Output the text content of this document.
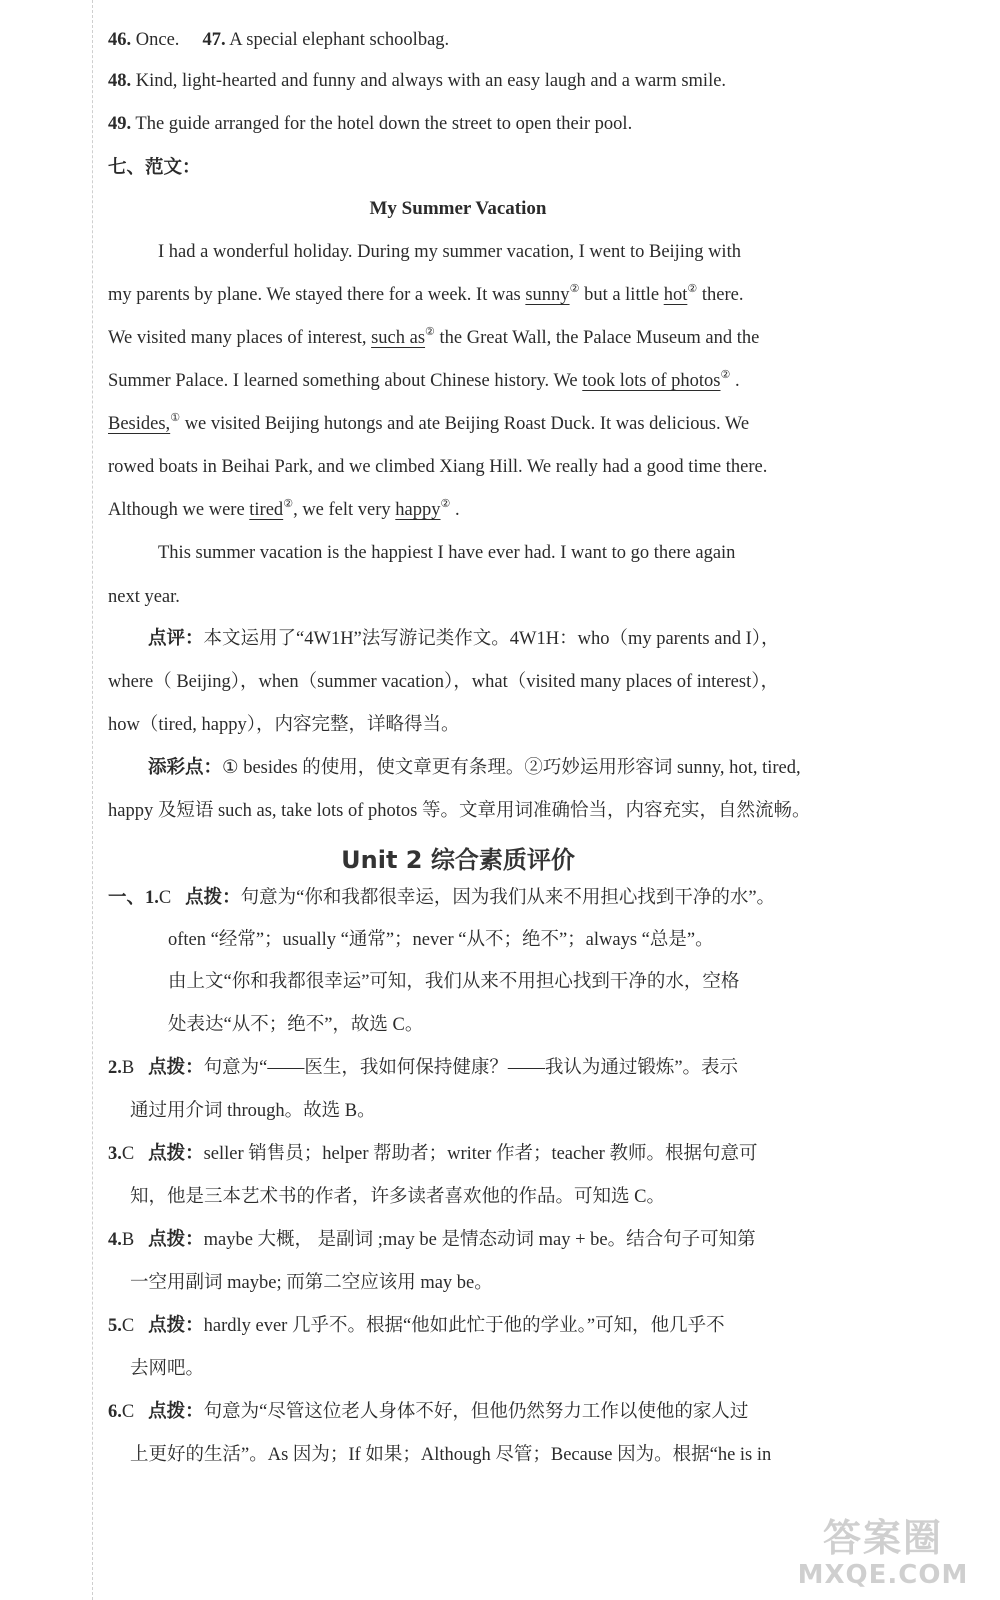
46. Once. 47. A special elephant schoolbag.
48. Kind, light-hearted and funny and always with an easy laugh and a warm smile.
49. The guide arranged for the hotel down the street to open their pool.
七、范文：
My Summer Vacation
I had a wonderful holiday. During my summer vacation, I went to Beijing with
my parents by plane. We stayed there for a week. It was sunny② but a little hot② there.
We visited many places of interest, such as② the Great Wall, the Palace Museum and the
Summer Palace. I learned something about Chinese history. We took lots of photos② .
Besides,① we visited Beijing hutongs and ate Beijing Roast Duck. It was delicious. We
rowed boats in Beihai Park, and we climbed Xiang Hill. We really had a good time there.
Although we were tired②, we felt very happy② .
This summer vacation is the happiest I have ever had. I want to go there again
next year.
点评：本文运用了“4W1H”法写游记类作文。4W1H：who（my parents and I），
where（ Beijing），when（summer vacation），what（visited many places of interest），
how（tired, happy），内容完整，详略得当。
添彩点：① besides 的使用，使文章更有条理。②巧妙运用形容词 sunny, hot, tired,
happy 及短语 such as, take lots of photos 等。文章用词准确恰当，内容充实，自然流畅。
Unit 2 综合素质评价
一、1.C 点拨：句意为“你和我都很幸运，因为我们从来不用担心找到干净的水”。
often “经常”；usually “通常”；never “从不；绝不”；always “总是”。
由上文“你和我都很幸运”可知，我们从来不用担心找到干净的水，空格
处表达“从不；绝不”，故选 C。
2.B 点拨：句意为“——医生，我如何保持健康？——我认为通过锻炼”。表示
通过用介词 through。故选 B。
3.C 点拨：seller 销售员；helper 帮助者；writer 作者；teacher 教师。根据句意可
知，他是三本艺术书的作者，许多读者喜欢他的作品。可知选 C。
4.B 点拨：maybe 大概， 是副词 ;may be 是情态动词 may + be。结合句子可知第
一空用副词 maybe; 而第二空应该用 may be。
5.C 点拨：hardly ever 几乎不。根据“他如此忙于他的学业。”可知，他几乎不
去网吧。
6.C 点拨：句意为“尽管这位老人身体不好，但他仍然努力工作以使他的家人过
上更好的生活”。As 因为；If 如果；Although 尽管；Because 因为。根据“he is in
答案圈
MXQE.COM
